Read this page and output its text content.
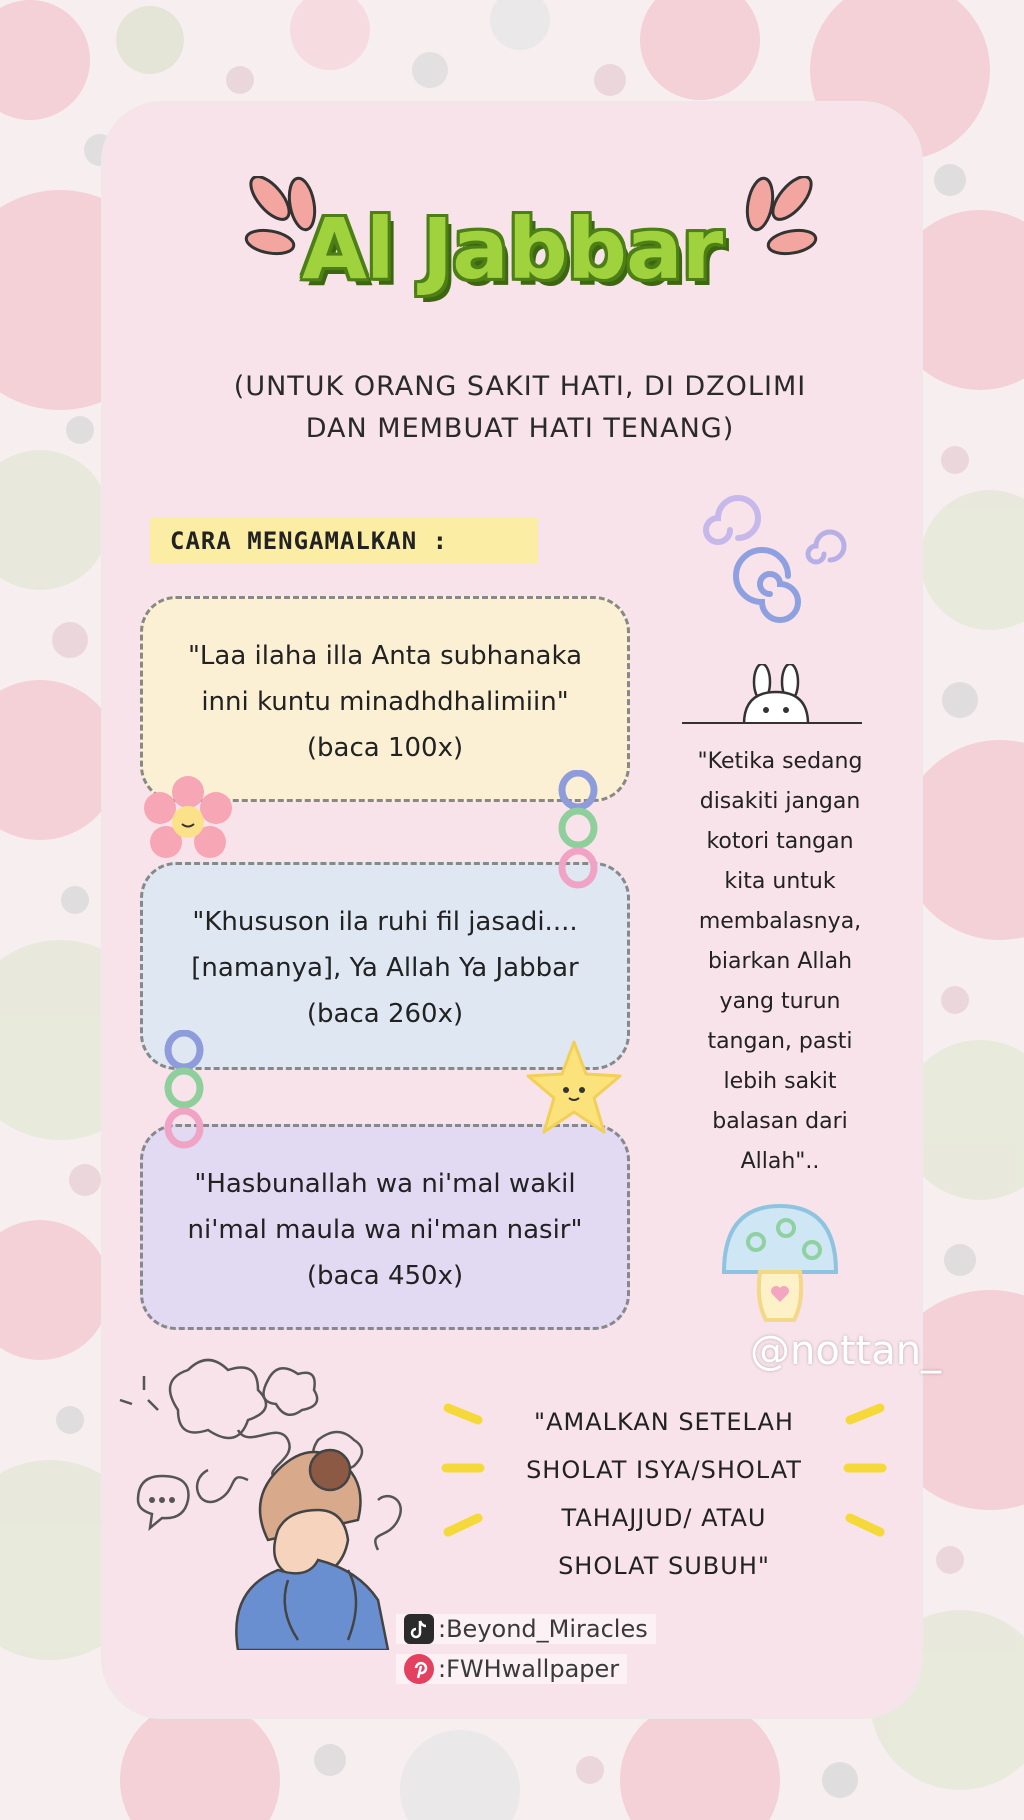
Al Jabbar
(UNTUK ORANG SAKIT HATI, DI DZOLIMI
DAN MEMBUAT HATI TENANG)
CARA MENGAMALKAN :
"Laa ilaha illa Anta subhanaka
inni kuntu minadhdhalimiin"
(baca 100x)
"Khususon ila ruhi fil jasadi....
[namanya], Ya Allah Ya Jabbar
(baca 260x)
"Hasbunallah wa ni'mal wakil
ni'mal maula wa ni'man nasir"
(baca 450x)
"Ketika sedang
disakiti jangan
kotori tangan
kita untuk
membalasnya,
biarkan Allah
yang turun
tangan, pasti
lebih sakit
balasan dari
Allah"..
@nottan_
"AMALKAN SETELAH
SHOLAT ISYA/SHOLAT
TAHAJJUD/ ATAU
SHOLAT SUBUH"
:Beyond_Miracles
:FWHwallpaper
